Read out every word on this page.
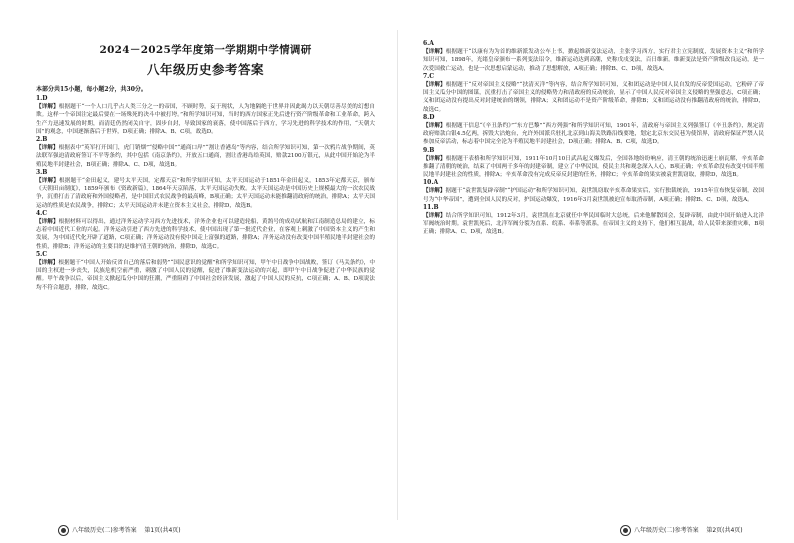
2024－2025学年度第一学期期中学情调研
八年级历史参考答案
本部分共15小题，每小题2分，共30分。
1.D
【详解】根据题干“一个人口几乎占人类三分之一的帝国，不顾时势，妄于现状，人为地隔绝于世界并因此竭力以天朝尽善尽美的幻想自欺。这样一个帝国注定最后要在一场殊死的决斗中被打垮。”和所学知识可知，当时的西方国家正先后进行资产阶级革命和工业革命，跨入生产力迅速发展的时期，而清廷仍然闭关自守，固步自封，导致国家的衰落，使中国落后于西方，学习先进的科学技术的作用，“天朝大国”的观念，中国逐渐落后于世界，D项正确；排除A、B、C项，故选D。
2.B
【详解】根据表中“英军打开国门，虎门销烟”“侵略中国”“通商口岸”“割让香港岛”等内容，结合所学知识可知，第一次鸦片战争期间，英法联军强迫清政府签订不平等条约，其中包括《南京条约》，开放五口通商，割让香港岛给英国，赔款2100万银元，从此中国开始沦为半殖民地半封建社会，B项正确；排除A、C、D项，故选B。
3.B
【详解】根据题干“金田起义，建号太平天国，定都天京”和所学知识可知，太平天国运动于1851年金田起义，1853年定都天京，颁布《天朝田亩制度》，1859年颁布《资政新篇》，1864年天京陷落，太平天国运动失败。太平天国运动是中国历史上规模最大的一次农民战争，沉重打击了清政府和外国侵略者，是中国旧式农民战争的最高峰，B项正确；太平天国运动未能推翻清政府的统治，排除A；太平天国运动的性质是农民战争，排除C；太平天国运动并未建立资本主义社会，排除D，故选B。
4.C
【详解】根据材料可以得出，通过洋务运动学习西方先进技术，洋务企业也可以建造轮船，黄鹄号的成功试航和江南制造总局的建立，标志着中国近代工业的兴起。洋务运动引进了西方先进的科学技术，使中国出现了第一批近代企业，在客观上刺激了中国资本主义的产生和发展，为中国近代化开辟了道路，C项正确；洋务运动没有使中国走上富强的道路，排除A；洋务运动没有改变中国半殖民地半封建社会的性质，排除B；洋务运动的主要目的是维护清王朝的统治，排除D，故选C。
5.C
【详解】根据题干“中国人开始反省自己的落后和弱势”“国民意识的觉醒”和所学知识可知，甲午中日战争中国战败，签订《马关条约》，中国的主权进一步丧失，民族危机空前严重，刺激了中国人民的觉醒，促进了维新变法运动的兴起，即甲午中日战争促进了中华民族的觉醒。甲午战争以后，帝国主义掀起瓜分中国的狂潮，严重阻碍了中国社会经济发展，激起了中国人民的反抗，C项正确；A、B、D项说法均不符合题意，排除，故选C。
6.A
【详解】根据题干“以康有为为首的维新派发动公车上书，掀起维新变法运动，主张学习西方，实行君主立宪制度，发展资本主义”和所学知识可知，1898年，光绪皇帝颁布一系列变法诏令，维新运动达到高潮，史称戊戌变法，百日维新。维新变法是资产阶级改良运动，是一次爱国救亡运动，也是一次思想启蒙运动，推动了思想解放，A项正确；排除B、C、D项，故选A。
7.C
【详解】根据题干“反对帝国主义侵略”“扶清灭洋”等内容，结合所学知识可知，义和团运动是中国人民自发的反帝爱国运动，它粉碎了帝国主义瓜分中国的图谋，沉重打击了帝国主义的侵略势力和清政府的反动统治，显示了中国人民反对帝国主义侵略的坚强意志，C项正确；义和团运动没有提出反对封建统治的纲领，排除A；义和团运动不是资产阶级革命，排除B；义和团运动没有推翻清政府的统治，排除D，故选C。
8.D
【详解】根据题干信息“《辛丑条约》”“东方巴黎”“西方列强”和所学知识可知，1901年，清政府与帝国主义列强签订《辛丑条约》，规定清政府赔款白银4.5亿两，拆毁大沽炮台，允许外国派兵驻扎北京到山海关铁路沿线要地，划定北京东交民巷为使馆界，清政府保证严禁人民参加反帝活动，标志着中国完全沦为半殖民地半封建社会，D项正确；排除A、B、C项，故选D。
9.B
【详解】根据题干表格和所学知识可知，1911年10月10日武昌起义爆发后，全国各地纷纷响应，清王朝的统治迅速土崩瓦解，辛亥革命推翻了清朝的统治，结束了中国两千多年的封建帝制，建立了中华民国，使民主共和观念深入人心，B项正确；辛亥革命没有改变中国半殖民地半封建社会的性质，排除A；辛亥革命没有完成反帝反封建的任务，排除C；辛亥革命的果实被袁世凯窃取，排除D，故选B。
10.A
【详解】据题干“袁世凯复辟帝制”“护国运动”和所学知识可知，袁世凯窃取辛亥革命果实后，实行独裁统治，1915年宣布恢复帝制，改国号为“中华帝国”，遭到全国人民的反对，护国运动爆发，1916年3月袁世凯被迫宣布取消帝制，A项正确；排除B、C、D项，故选A。
11.B
【详解】结合所学知识可知，1912年3月，袁世凯在北京就任中华民国临时大总统，后来他解散国会，复辟帝制，由此中国开始进入北洋军阀统治时期。袁世凯死后，北洋军阀分裂为直系、皖系、奉系等派系，在帝国主义的支持下，他们相互混战，给人民带来深重灾难，B项正确；排除A、C、D项，故选B。
八年级历史(二)参考答案 第1页(共4页)	八年级历史(二)参考答案 第2页(共4页)
